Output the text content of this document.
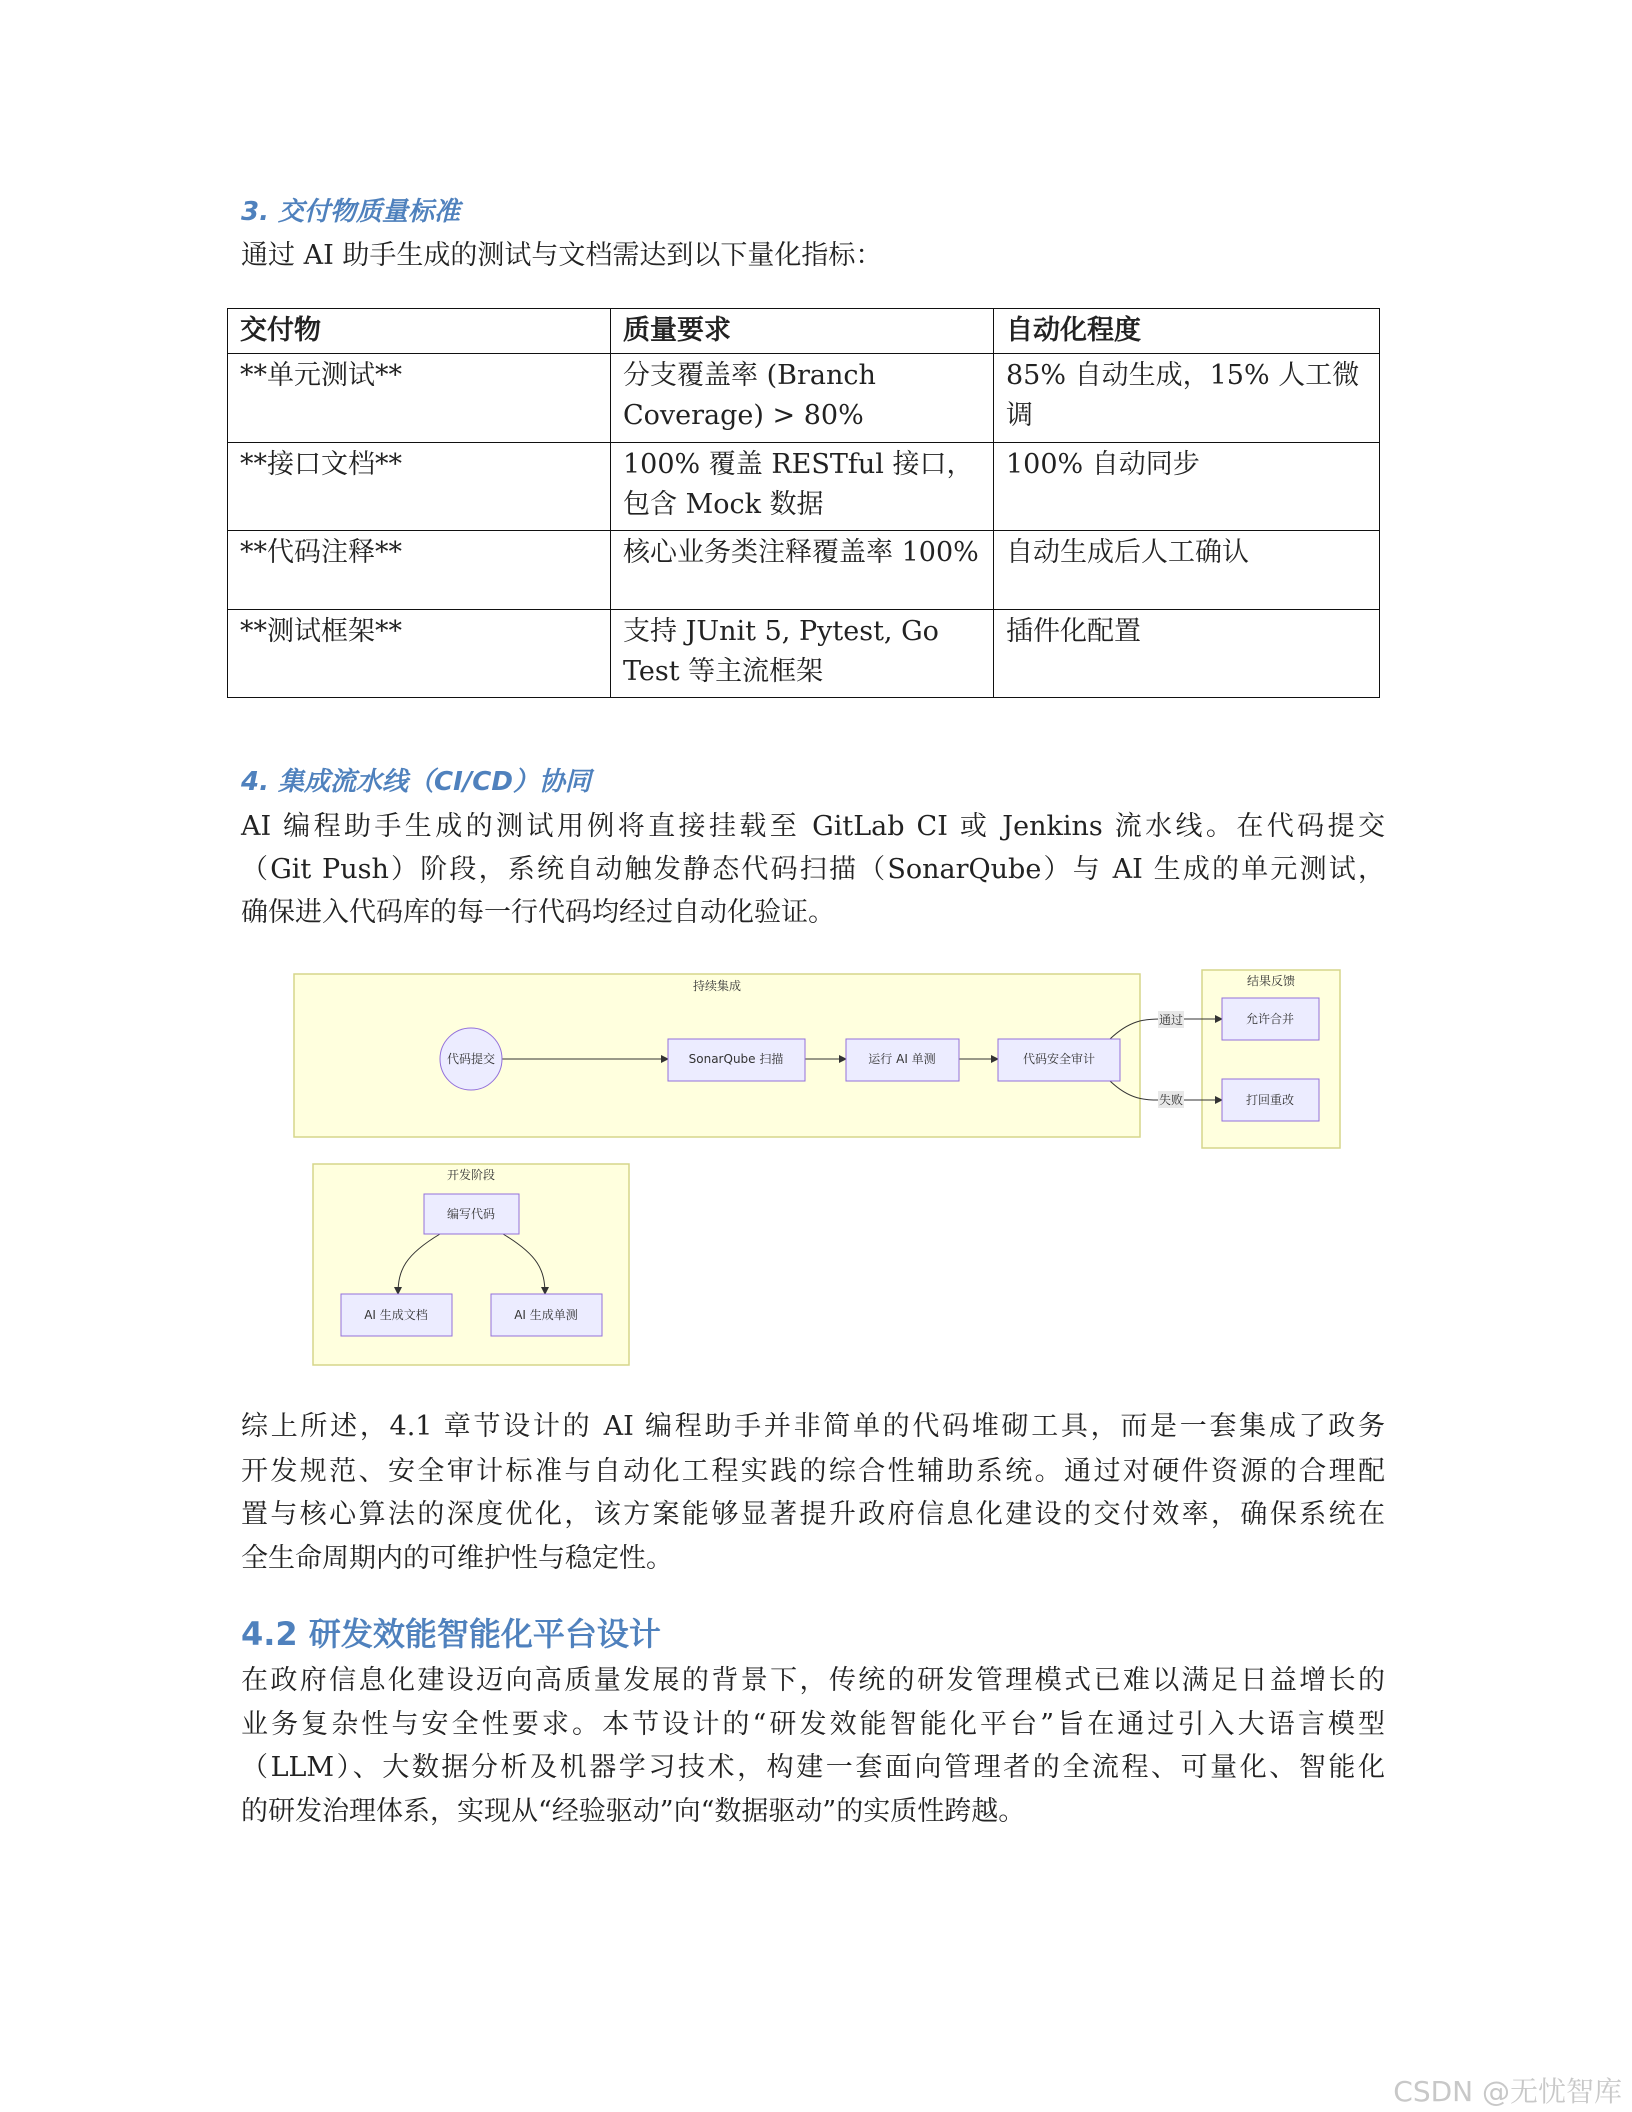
3. 交付物质量标准
通过 AI 助手生成的测试与文档需达到以下量化指标：
交付物	质量要求	自动化程度
**单元测试**	分支覆盖率 (Branch Coverage) > 80%	85% 自动生成，15% 人工微调
**接口文档**	100% 覆盖 RESTful 接口，包含 Mock 数据	100% 自动同步
**代码注释**	核心业务类注释覆盖率 100%	自动生成后人工确认
**测试框架**	支持 JUnit 5, Pytest, Go Test 等主流框架	插件化配置
4. 集成流水线（CI/CD）协同
AI 编程助手生成的测试用例将直接挂载至 GitLab CI 或 Jenkins 流水线。在代码提交
（Git Push）阶段，系统自动触发静态代码扫描（SonarQube）与 AI 生成的单元测试，
确保进入代码库的每一行代码均经过自动化验证。
持续集成	结果反馈
开发阶段
通过
失败
代码提交	SonarQube 扫描	运行 AI 单测	代码安全审计
允许合并
打回重改
编写代码
AI 生成文档	AI 生成单测
综上所述，4.1 章节设计的 AI 编程助手并非简单的代码堆砌工具，而是一套集成了政务
开发规范、安全审计标准与自动化工程实践的综合性辅助系统。通过对硬件资源的合理配
置与核心算法的深度优化，该方案能够显著提升政府信息化建设的交付效率，确保系统在
全生命周期内的可维护性与稳定性。
4.2 研发效能智能化平台设计
在政府信息化建设迈向高质量发展的背景下，传统的研发管理模式已难以满足日益增长的
业务复杂性与安全性要求。本节设计的“研发效能智能化平台”旨在通过引入大语言模型
（LLM）、大数据分析及机器学习技术，构建一套面向管理者的全流程、可量化、智能化
的研发治理体系，实现从“经验驱动”向“数据驱动”的实质性跨越。
CSDN @无忧智库
